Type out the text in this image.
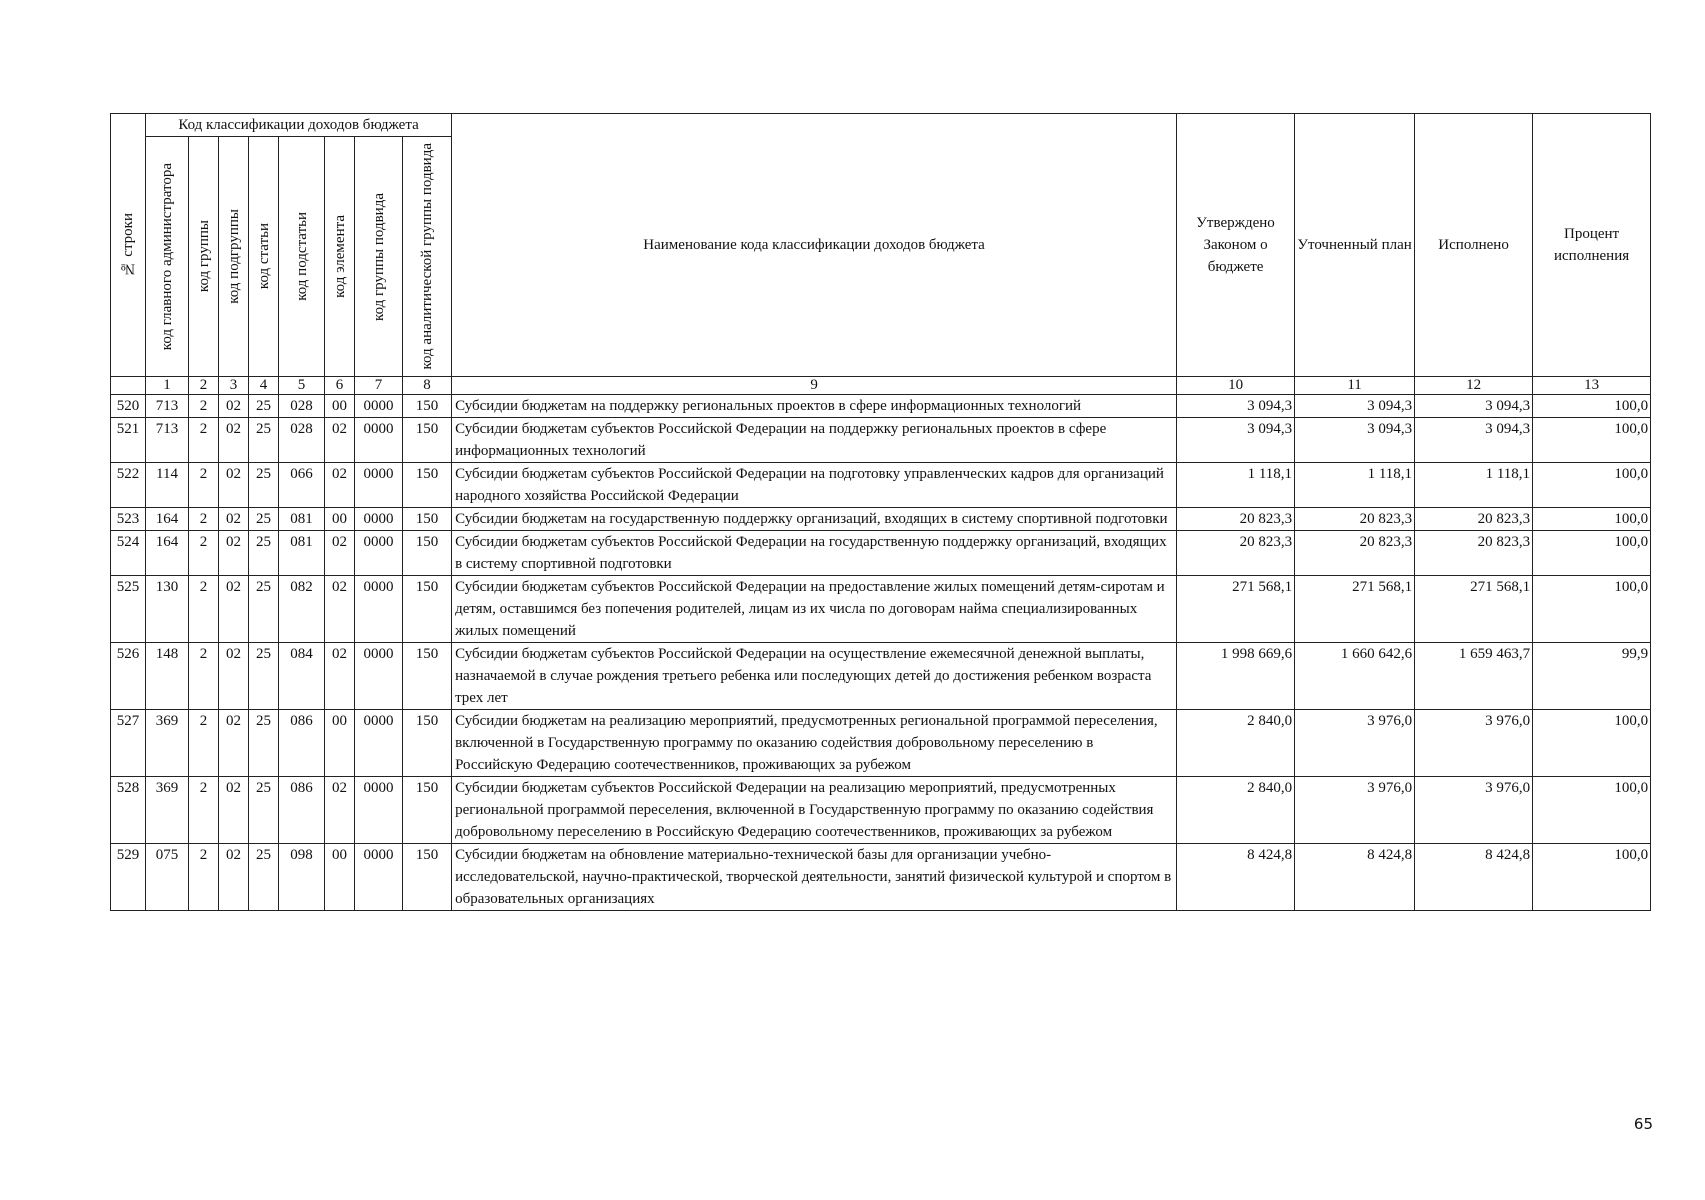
№ строки	Код классификации доходов бюджета								Наименование кода классификации доходов бюджета	Утверждено Законом о бюджете	Уточненный план	Исполнено	Процент исполнения

	код главного администратора	код группы	код подгруппы	код статьи	код подстатьи	код элемента	код группы подвида	код аналитической группы подвида					

	1	2	3	4	5	6	7	8	9	10	11	12	13
520	713	2	02	25	028	00	0000	150	Субсидии бюджетам на поддержку региональных проектов в сфере информационных технологий	3 094,3	3 094,3	3 094,3	100,0
521	713	2	02	25	028	02	0000	150	Субсидии бюджетам субъектов Российской Федерации на поддержку региональных проектов в сфере информационных технологий	3 094,3	3 094,3	3 094,3	100,0
522	114	2	02	25	066	02	0000	150	Субсидии бюджетам субъектов Российской Федерации на подготовку управленческих кадров для организаций народного хозяйства Российской Федерации	1 118,1	1 118,1	1 118,1	100,0
523	164	2	02	25	081	00	0000	150	Субсидии бюджетам на государственную поддержку организаций, входящих в систему спортивной подготовки	20 823,3	20 823,3	20 823,3	100,0
524	164	2	02	25	081	02	0000	150	Субсидии бюджетам субъектов Российской Федерации на государственную поддержку организаций, входящих в систему спортивной подготовки	20 823,3	20 823,3	20 823,3	100,0
525	130	2	02	25	082	02	0000	150	Субсидии бюджетам субъектов Российской Федерации на предоставление жилых помещений детям-сиротам и детям, оставшимся без попечения родителей, лицам из их числа по договорам найма специализированных жилых помещений	271 568,1	271 568,1	271 568,1	100,0
526	148	2	02	25	084	02	0000	150	Субсидии бюджетам субъектов Российской Федерации на осуществление ежемесячной денежной выплаты, назначаемой в случае рождения третьего ребенка или последующих детей до достижения ребенком возраста трех лет	1 998 669,6	1 660 642,6	1 659 463,7	99,9
527	369	2	02	25	086	00	0000	150	Субсидии бюджетам на реализацию мероприятий, предусмотренных региональной программой переселения, включенной в Государственную программу по оказанию содействия добровольному переселению в Российскую Федерацию соотечественников, проживающих за рубежом	2 840,0	3 976,0	3 976,0	100,0
528	369	2	02	25	086	02	0000	150	Субсидии бюджетам субъектов Российской Федерации на реализацию мероприятий, предусмотренных региональной программой переселения, включенной в Государственную программу по оказанию содействия добровольному переселению в Российскую Федерацию соотечественников, проживающих за рубежом	2 840,0	3 976,0	3 976,0	100,0
529	075	2	02	25	098	00	0000	150	Субсидии бюджетам на обновление материально-технической базы для организации учебно-исследовательской, научно-практической, творческой деятельности, занятий физической культурой и спортом в образовательных организациях	8 424,8	8 424,8	8 424,8	100,0
65
